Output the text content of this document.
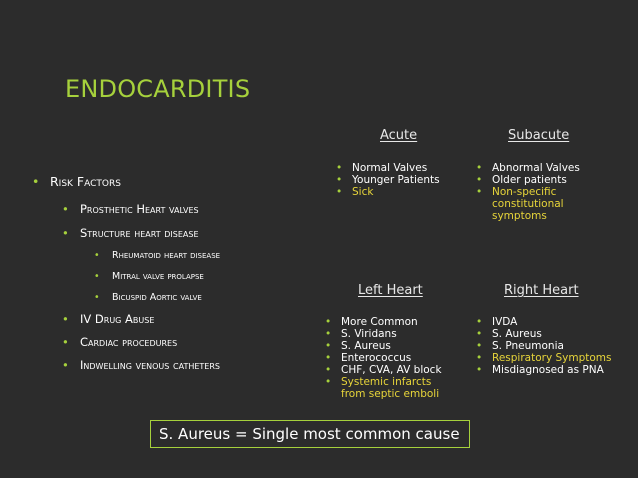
ENDOCARDITIS
• Risk Factors
• Prosthetic Heart valves
• Structure heart disease
• Rheumatoid heart disease
• Mitral valve prolapse
• Bicuspid Aortic valve
• IV Drug Abuse
• Cardiac procedures
• Indwelling venous catheters
Acute
• Normal Valves
• Younger Patients
• Sick
Subacute
• Abnormal Valves
• Older patients
• Non-specific constitutional symptoms
Left Heart
• More Common
• S. Viridans
• S. Aureus
• Enterococcus
• CHF, CVA, AV block
• Systemic infarcts from septic emboli
Right Heart
• IVDA
• S. Aureus
• S. Pneumonia
• Respiratory Symptoms
• Misdiagnosed as PNA
S. Aureus = Single most common cause
